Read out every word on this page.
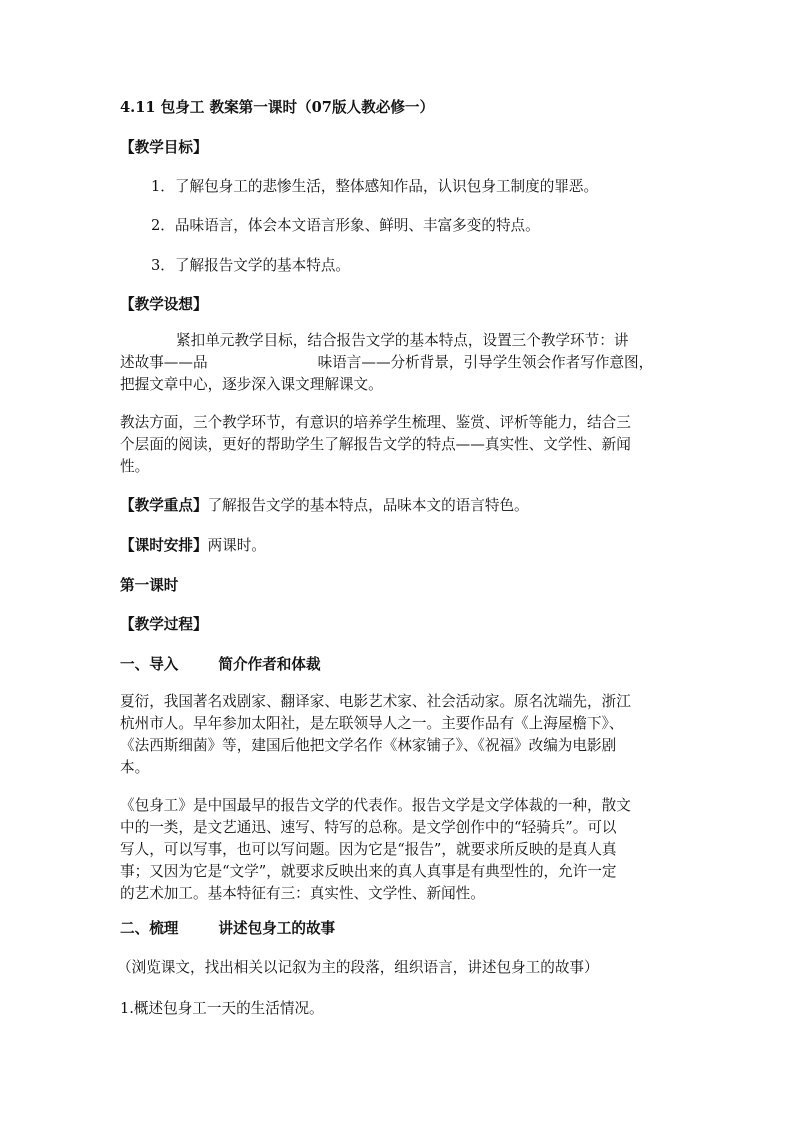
4.11 包身工 教案第一课时（07版人教必修一）
【教学目标】
1．了解包身工的悲惨生活，整体感知作品，认识包身工制度的罪恶。
2．品味语言，体会本文语言形象、鲜明、丰富多变的特点。
3．了解报告文学的基本特点。
【教学设想】
紧扣单元教学目标，结合报告文学的基本特点，设置三个教学环节：讲
述故事——品	味语言——分析背景，引导学生领会作者写作意图，
把握文章中心，逐步深入课文理解课文。
教法方面，三个教学环节，有意识的培养学生梳理、鉴赏、评析等能力，结合三
个层面的阅读，更好的帮助学生了解报告文学的特点——真实性、文学性、新闻
性。
【教学重点】了解报告文学的基本特点，品味本文的语言特色。
【课时安排】两课时。
第一课时
【教学过程】
一、导入	简介作者和体裁
夏衍，我国著名戏剧家、翻译家、电影艺术家、社会活动家。原名沈端先，浙江
杭州市人。早年参加太阳社，是左联领导人之一。主要作品有《上海屋檐下》、
《法西斯细菌》等，建国后他把文学名作《林家铺子》、《祝福》改编为电影剧
本。
《包身工》是中国最早的报告文学的代表作。报告文学是文学体裁的一种，散文
中的一类，是文艺通迅、速写、特写的总称。是文学创作中的“轻骑兵”。可以
写人，可以写事，也可以写问题。因为它是“报告”，就要求所反映的是真人真
事；又因为它是“文学”，就要求反映出来的真人真事是有典型性的，允许一定
的艺术加工。基本特征有三：真实性、文学性、新闻性。
二、梳理	讲述包身工的故事
（浏览课文，找出相关以记叙为主的段落，组织语言，讲述包身工的故事）
1.概述包身工一天的生活情况。
